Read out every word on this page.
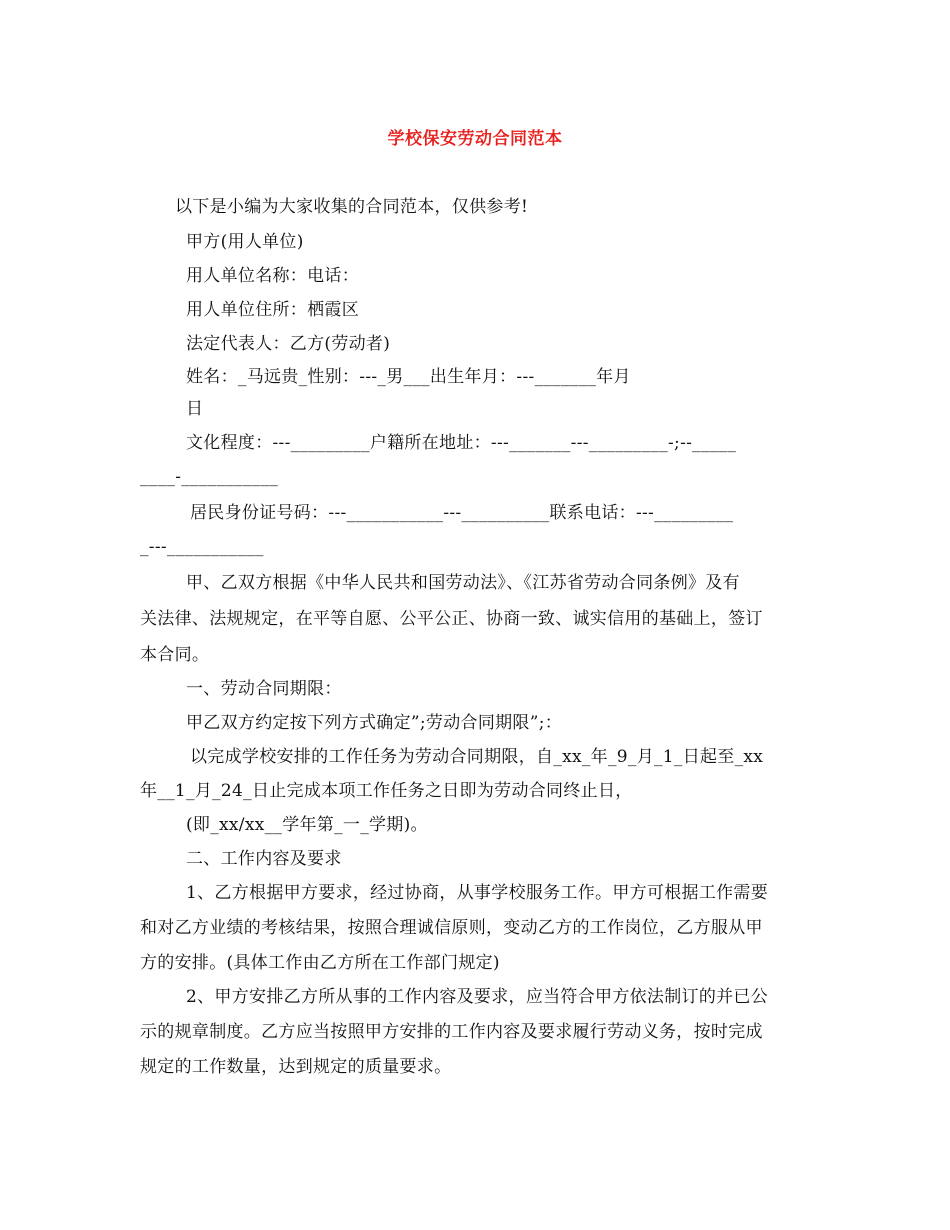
学校保安劳动合同范本
以下是小编为大家收集的合同范本，仅供参考!
甲方(用人单位)
用人单位名称：电话：
用人单位住所：栖霞区
法定代表人：乙方(劳动者)
姓名：_马远贵_性别：---_男___出生年月：---_______年月
日
文化程度：---_________户籍所在地址：---_______---_________-;--_____
____-___________
居民身份证号码：---___________---__________联系电话：---_________
_---___________
甲、乙双方根据《中华人民共和国劳动法》、《江苏省劳动合同条例》及有
关法律、法规规定，在平等自愿、公平公正、协商一致、诚实信用的基础上，签订
本合同。
一、劳动合同期限：
甲乙双方约定按下列方式确定”;劳动合同期限”;：
以完成学校安排的工作任务为劳动合同期限，自_xx_年_9_月_1_日起至_xx
年__1_月_24_日止完成本项工作任务之日即为劳动合同终止日，
(即_xx/xx__学年第_一_学期)。
二、工作内容及要求
1、乙方根据甲方要求，经过协商，从事学校服务工作。甲方可根据工作需要
和对乙方业绩的考核结果，按照合理诚信原则，变动乙方的工作岗位，乙方服从甲
方的安排。(具体工作由乙方所在工作部门规定)
2、甲方安排乙方所从事的工作内容及要求，应当符合甲方依法制订的并已公
示的规章制度。乙方应当按照甲方安排的工作内容及要求履行劳动义务，按时完成
规定的工作数量，达到规定的质量要求。
